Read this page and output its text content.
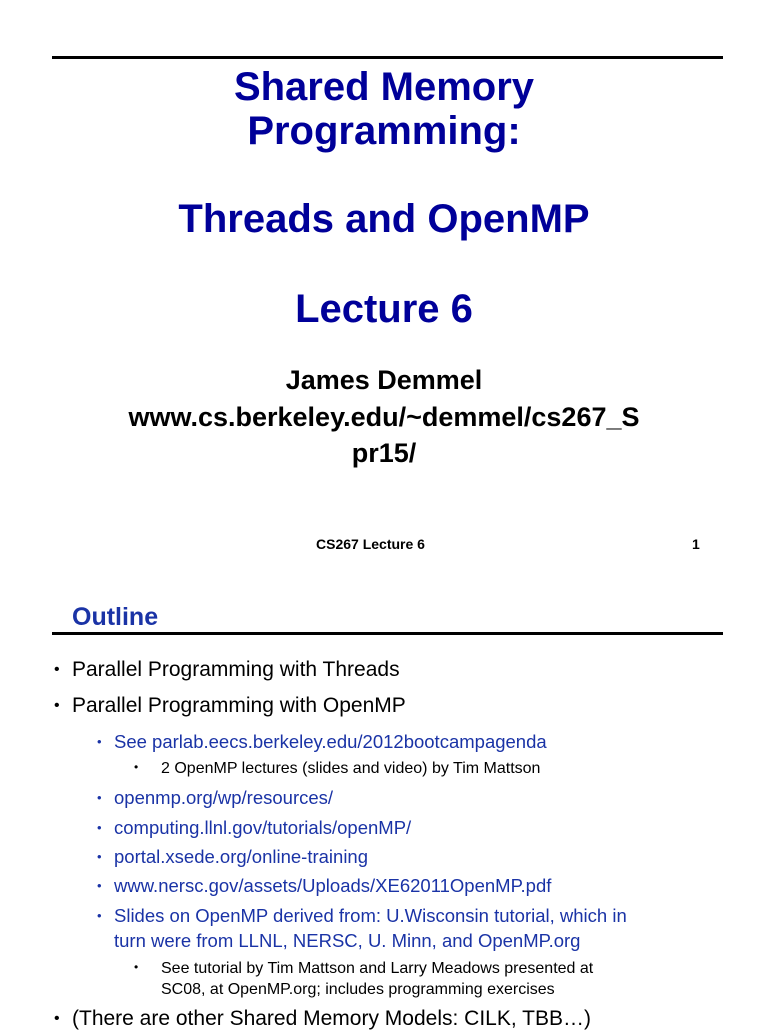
Shared Memory
Programming:
Threads and OpenMP
Lecture 6
James Demmel
www.cs.berkeley.edu/~demmel/cs267_S
pr15/
CS267 Lecture 6	1
Outline
• Parallel Programming with Threads
• Parallel Programming with OpenMP
• See parlab.eecs.berkeley.edu/2012bootcampagenda
• 2 OpenMP lectures (slides and video) by Tim Mattson
• openmp.org/wp/resources/
• computing.llnl.gov/tutorials/openMP/
• portal.xsede.org/online-training
• www.nersc.gov/assets/Uploads/XE62011OpenMP.pdf
• Slides on OpenMP derived from: U.Wisconsin tutorial, which in
turn were from LLNL, NERSC, U. Minn, and OpenMP.org
• See tutorial by Tim Mattson and Larry Meadows presented at
SC08, at OpenMP.org; includes programming exercises
• (There are other Shared Memory Models: CILK, TBB…)
